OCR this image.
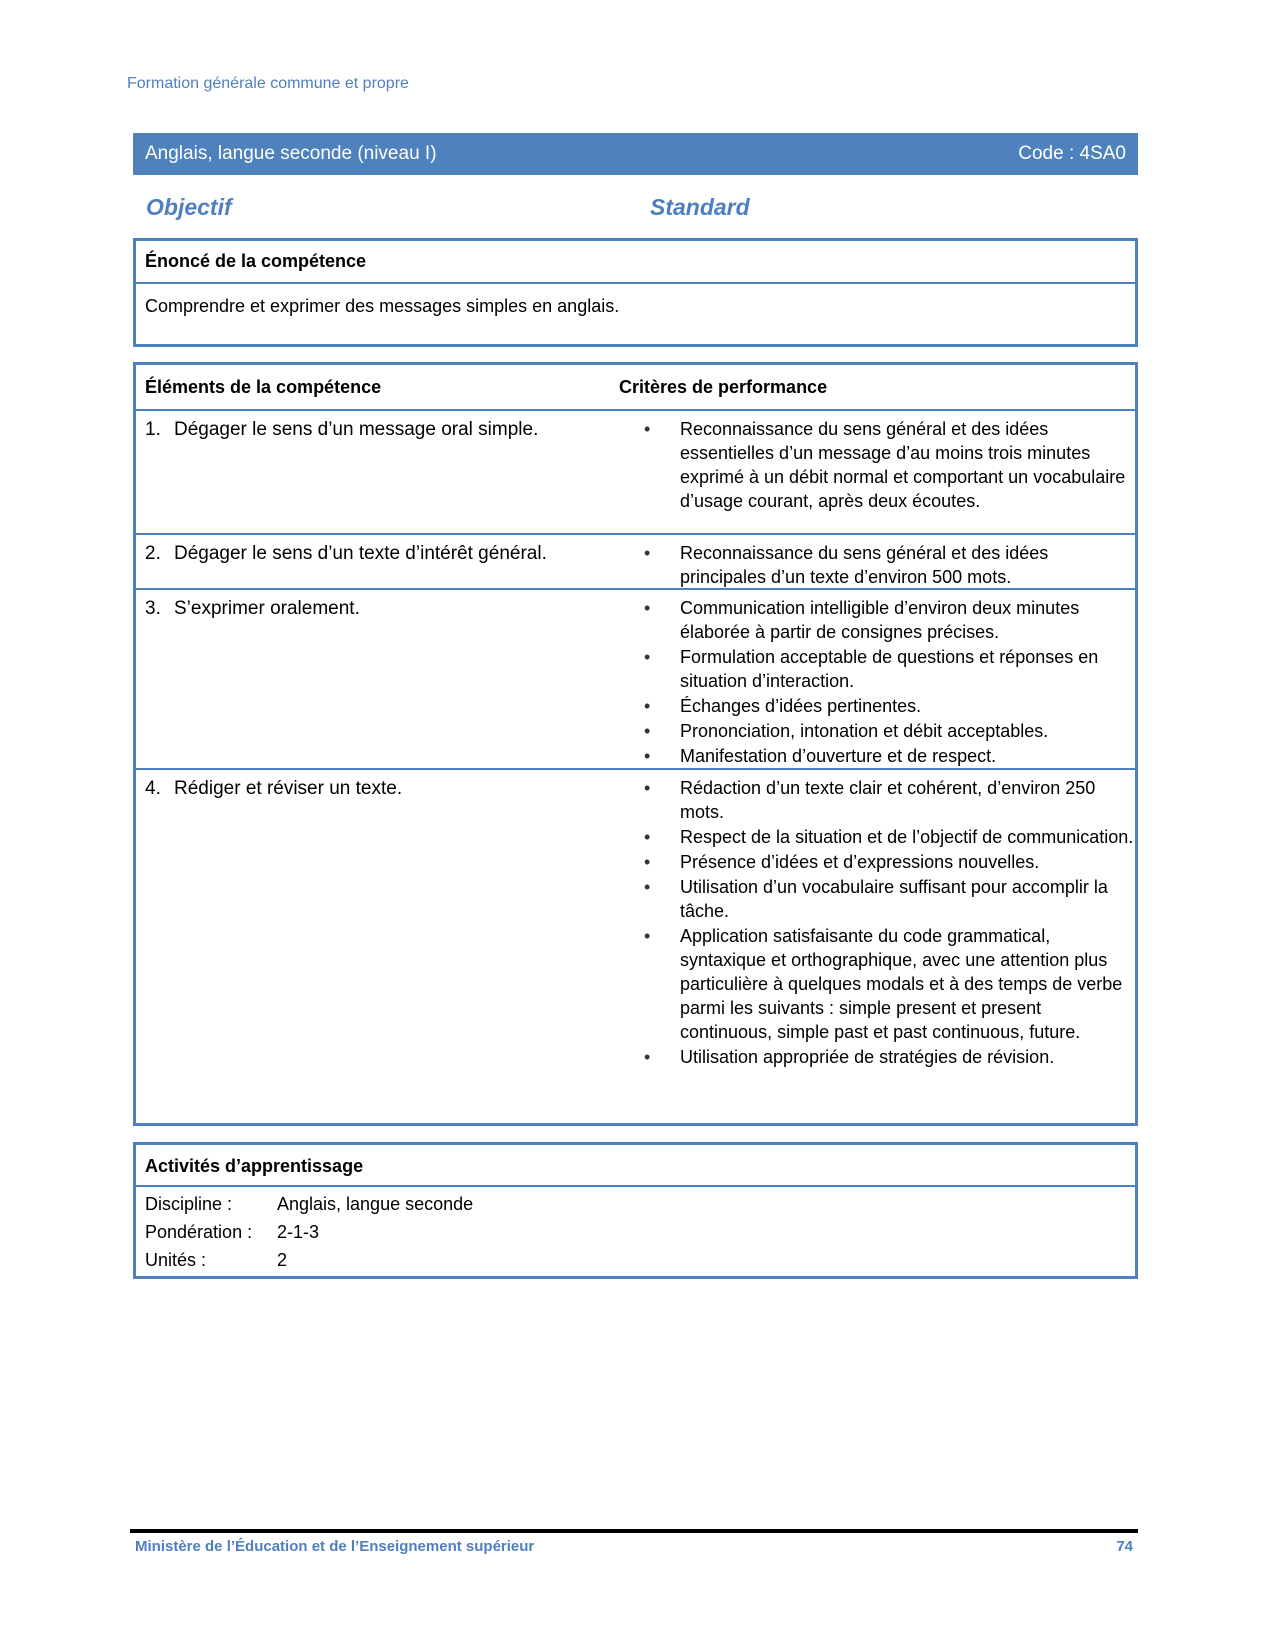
Formation générale commune et propre
Anglais, langue seconde (niveau I)	Code : 4SA0
Objectif	Standard
Énoncé de la compétence
Comprendre et exprimer des messages simples en anglais.
Éléments de la compétence	Critères de performance
1. Dégager le sens d’un message oral simple.	• Reconnaissance du sens général et des idées essentielles d’un message d’au moins trois minutes exprimé à un débit normal et comportant un vocabulaire d’usage courant, après deux écoutes.
2. Dégager le sens d’un texte d’intérêt général.	• Reconnaissance du sens général et des idées principales d’un texte d’environ 500 mots.
3. S’exprimer oralement.	• Communication intelligible d’environ deux minutes élaborée à partir de consignes précises.
• Formulation acceptable de questions et réponses en situation d’interaction.
• Échanges d’idées pertinentes.
• Prononciation, intonation et débit acceptables.
• Manifestation d’ouverture et de respect.
4. Rédiger et réviser un texte.	• Rédaction d’un texte clair et cohérent, d’environ 250 mots.
• Respect de la situation et de l’objectif de communication.
• Présence d’idées et d’expressions nouvelles.
• Utilisation d’un vocabulaire suffisant pour accomplir la tâche.
• Application satisfaisante du code grammatical, syntaxique et orthographique, avec une attention plus particulière à quelques modals et à des temps de verbe parmi les suivants : simple present et present continuous, simple past et past continuous, future.
• Utilisation appropriée de stratégies de révision.
Activités d’apprentissage
Discipline : Anglais, langue seconde
Pondération : 2-1-3
Unités :	2
Ministère de l’Éducation et de l’Enseignement supérieur	74
